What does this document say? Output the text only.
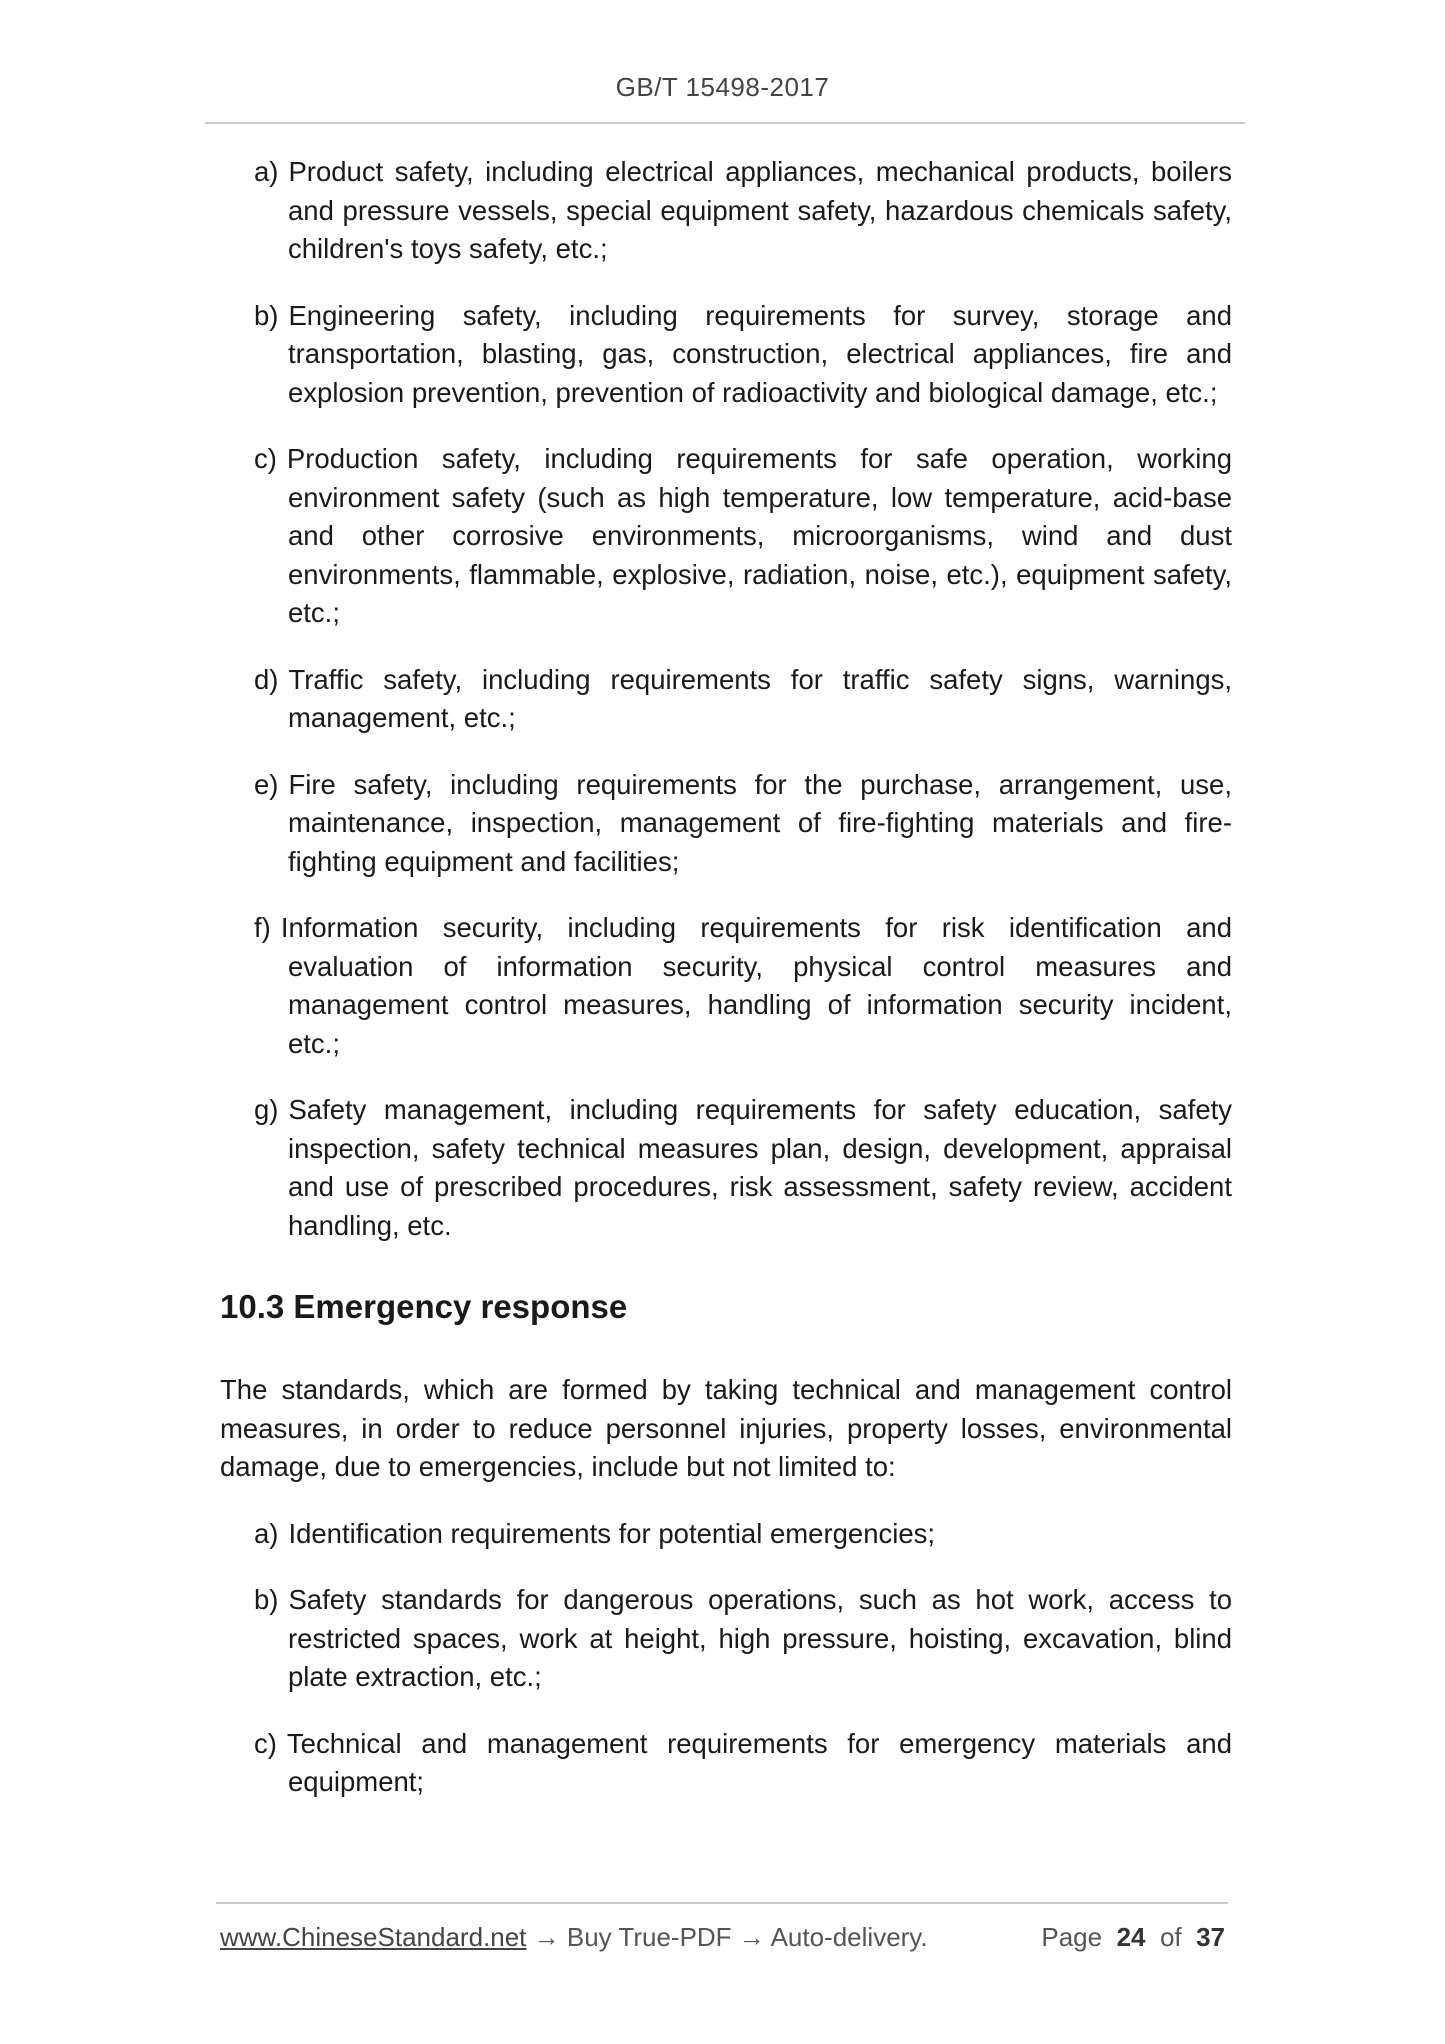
GB/T 15498-2017
a) Product safety, including electrical appliances, mechanical products, boilers and pressure vessels, special equipment safety, hazardous chemicals safety, children's toys safety, etc.;
b) Engineering safety, including requirements for survey, storage and transportation, blasting, gas, construction, electrical appliances, fire and explosion prevention, prevention of radioactivity and biological damage, etc.;
c) Production safety, including requirements for safe operation, working environment safety (such as high temperature, low temperature, acid-base and other corrosive environments, microorganisms, wind and dust environments, flammable, explosive, radiation, noise, etc.), equipment safety, etc.;
d) Traffic safety, including requirements for traffic safety signs, warnings, management, etc.;
e) Fire safety, including requirements for the purchase, arrangement, use, maintenance, inspection, management of fire-fighting materials and fire-fighting equipment and facilities;
f) Information security, including requirements for risk identification and evaluation of information security, physical control measures and management control measures, handling of information security incident, etc.;
g) Safety management, including requirements for safety education, safety inspection, safety technical measures plan, design, development, appraisal and use of prescribed procedures, risk assessment, safety review, accident handling, etc.
10.3 Emergency response
The standards, which are formed by taking technical and management control measures, in order to reduce personnel injuries, property losses, environmental damage, due to emergencies, include but not limited to:
a) Identification requirements for potential emergencies;
b) Safety standards for dangerous operations, such as hot work, access to restricted spaces, work at height, high pressure, hoisting, excavation, blind plate extraction, etc.;
c) Technical and management requirements for emergency materials and equipment;
www.ChineseStandard.net → Buy True-PDF → Auto-delivery.	Page 24 of 37
